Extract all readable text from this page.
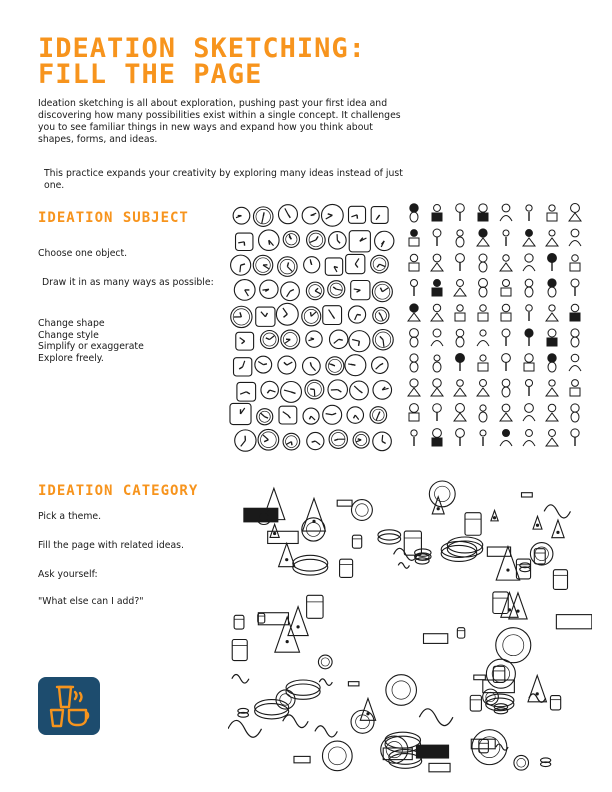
IDEATION SKETCHING:
FILL THE PAGE

Ideation sketching is all about exploration, pushing past your first idea and discovering how many possibilities exist within a single concept. It challenges you to see familiar things in new ways and expand how you think about shapes, forms, and ideas.

This practice expands your creativity by exploring many ideas instead of just one.

IDEATION SUBJECT

Choose one object.

Draw it in as many ways as possible:

Change shape
Change style
Simplify or exaggerate
Explore freely.
IDEATION CATEGORY

Pick a theme.

Fill the page with related ideas.

Ask yourself:

"What else can I add?"
